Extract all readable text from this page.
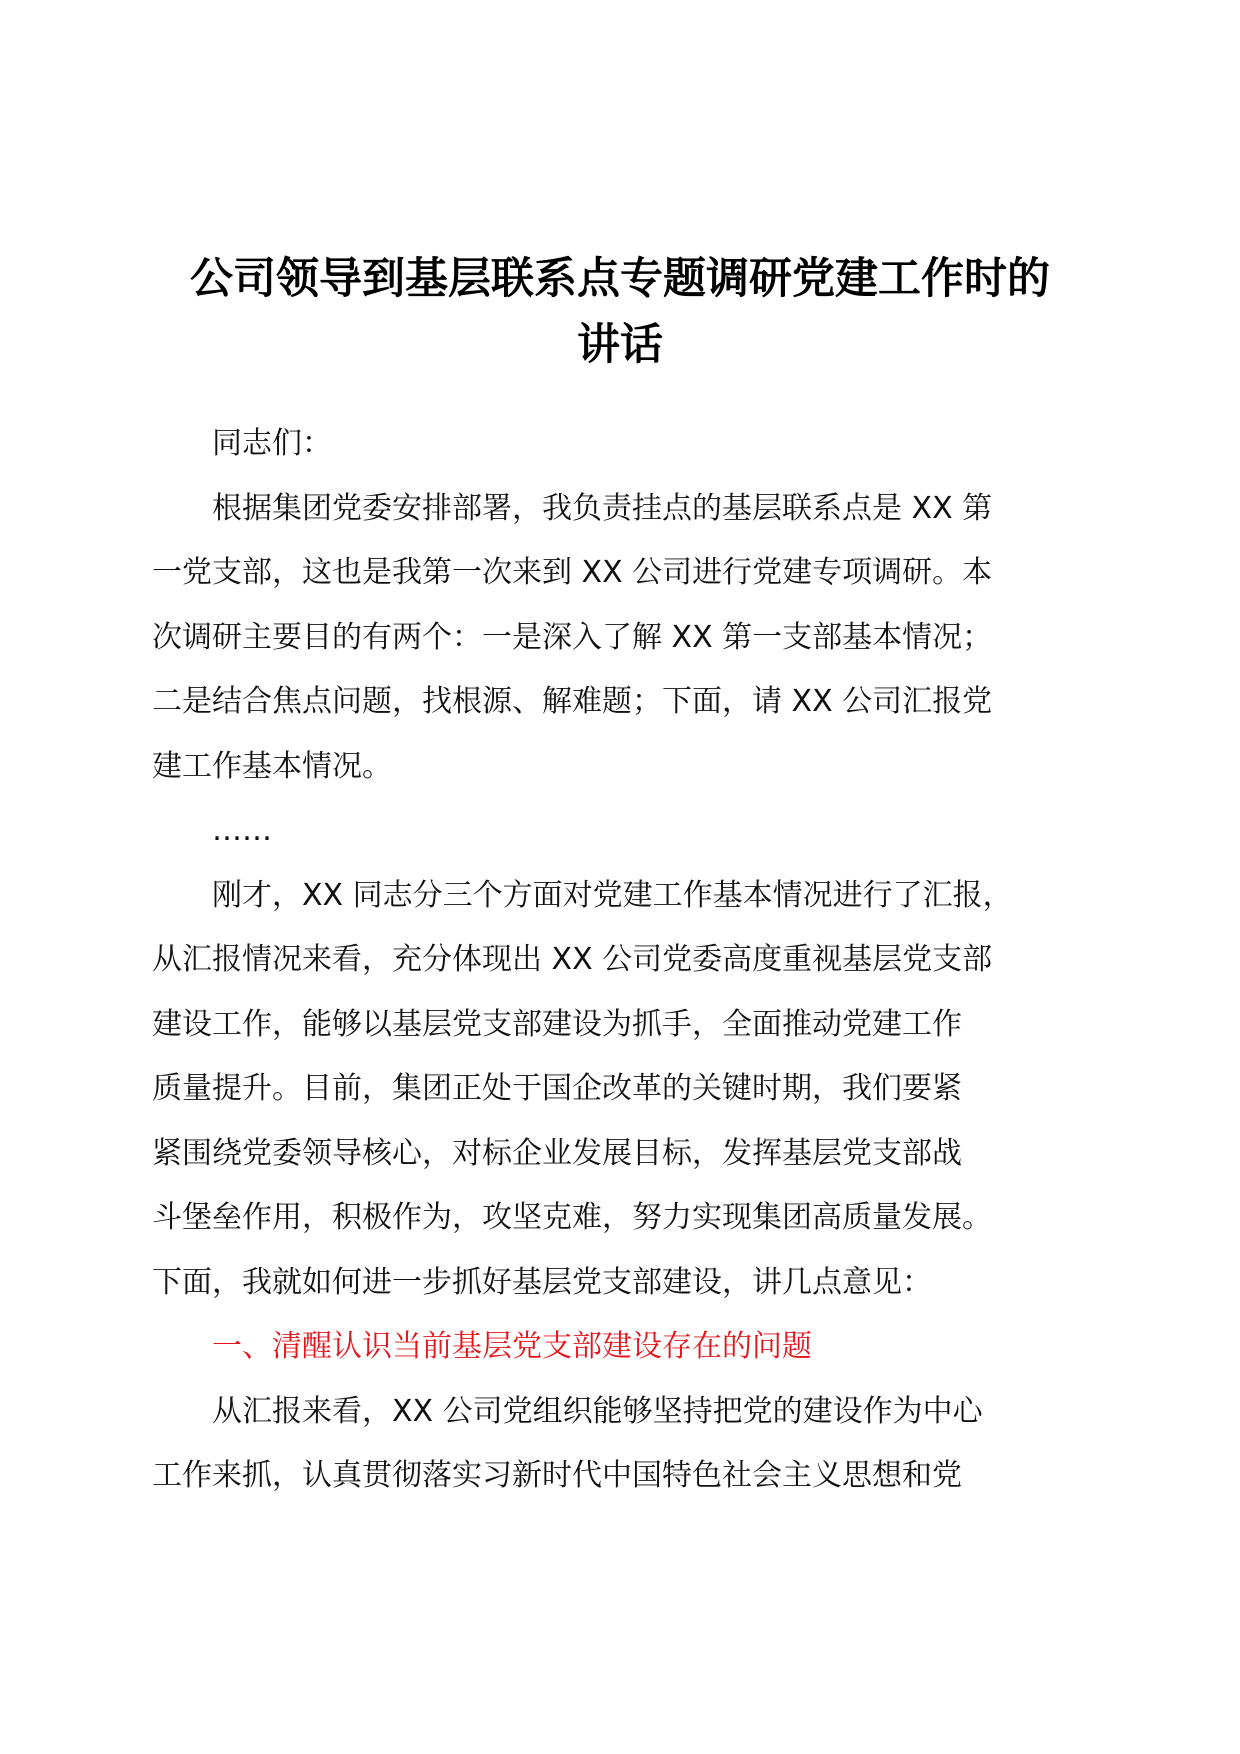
公司领导到基层联系点专题调研党建工作时的
讲话

同志们：

根据集团党委安排部署，我负责挂点的基层联系点是 XX 第
一党支部，这也是我第一次来到 XX 公司进行党建专项调研。本
次调研主要目的有两个：一是深入了解 XX 第一支部基本情况；
二是结合焦点问题，找根源、解难题；下面，请 XX 公司汇报党
建工作基本情况。

……

刚才，XX 同志分三个方面对党建工作基本情况进行了汇报，
从汇报情况来看，充分体现出 XX 公司党委高度重视基层党支部
建设工作，能够以基层党支部建设为抓手，全面推动党建工作
质量提升。目前，集团正处于国企改革的关键时期，我们要紧
紧围绕党委领导核心，对标企业发展目标，发挥基层党支部战
斗堡垒作用，积极作为，攻坚克难，努力实现集团高质量发展。
下面，我就如何进一步抓好基层党支部建设，讲几点意见：

一、清醒认识当前基层党支部建设存在的问题

从汇报来看，XX 公司党组织能够坚持把党的建设作为中心
工作来抓，认真贯彻落实习新时代中国特色社会主义思想和党
